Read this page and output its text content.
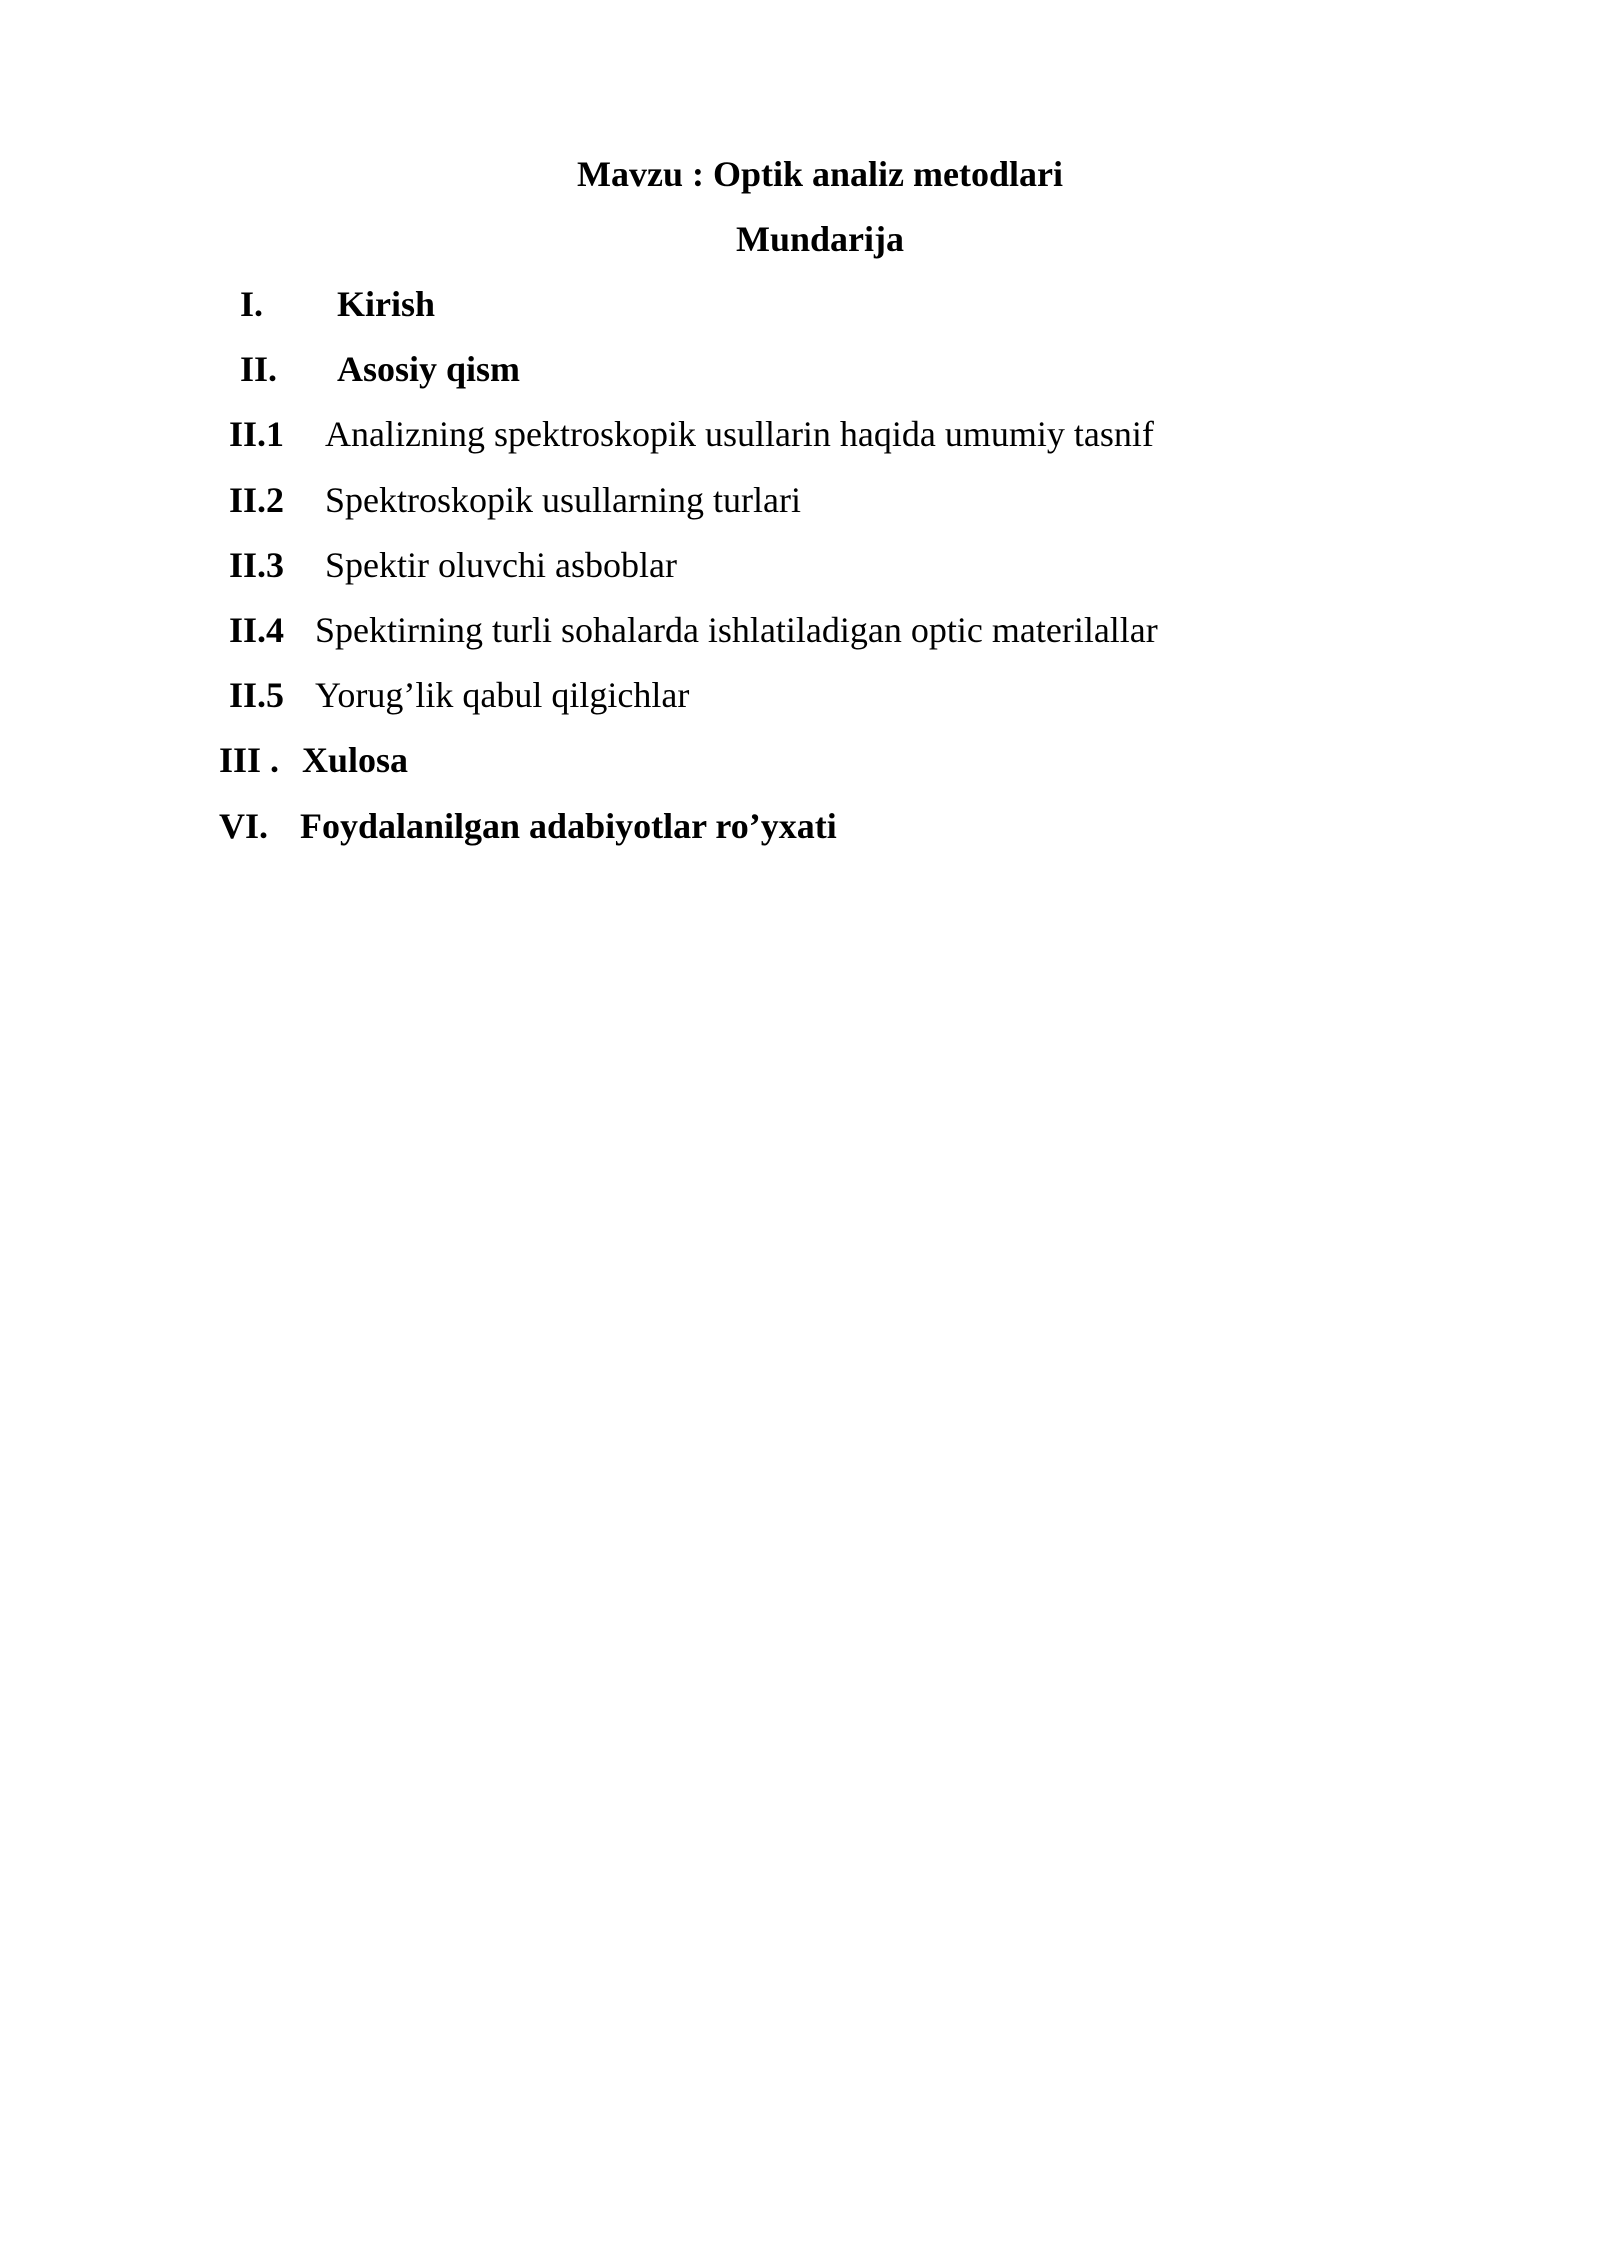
Mavzu : Optik analiz metodlari
Mundarija
I. Kirish
II. Asosiy qism
II.1 Analizning spektroskopik usullarin haqida umumiy tasnif
II.2 Spektroskopik usullarning turlari
II.3 Spektir oluvchi asboblar
II.4 Spektirning turli sohalarda ishlatiladigan optic materilallar
II.5 Yorug’lik qabul qilgichlar
III . Xulosa
VI. Foydalanilgan adabiyotlar ro’yxati
